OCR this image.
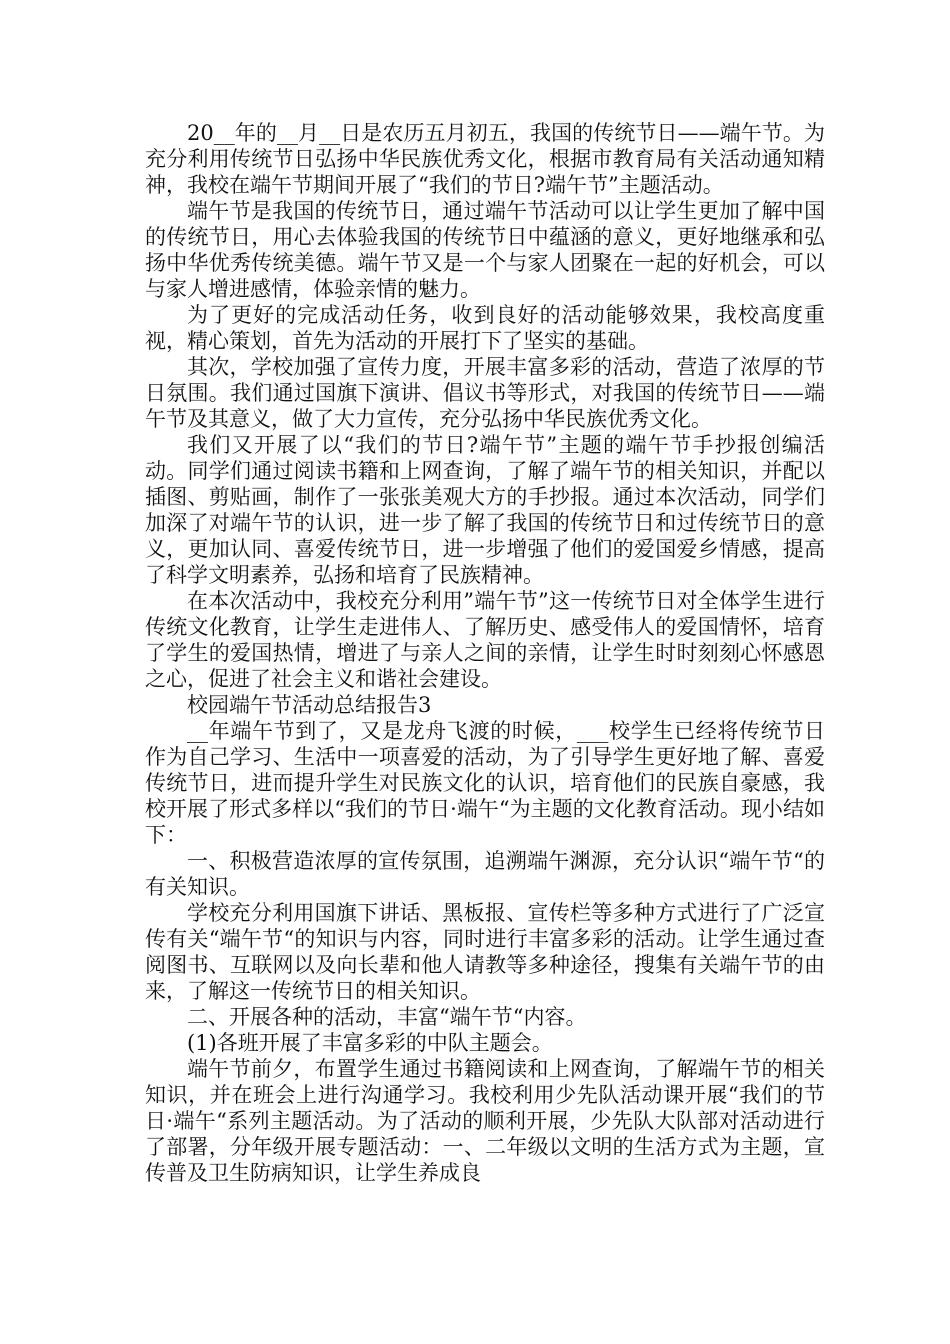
20__年的__月__日是农历五月初五，我国的传统节日——端午节。为充分利用传统节日弘扬中华民族优秀文化，根据市教育局有关活动通知精神，我校在端午节期间开展了“我们的节日?端午节”主题活动。

端午节是我国的传统节日，通过端午节活动可以让学生更加了解中国的传统节日，用心去体验我国的传统节日中蕴涵的意义，更好地继承和弘扬中华优秀传统美德。端午节又是一个与家人团聚在一起的好机会，可以与家人增进感情，体验亲情的魅力。

为了更好的完成活动任务，收到良好的活动能够效果，我校高度重视，精心策划，首先为活动的开展打下了坚实的基础。

其次，学校加强了宣传力度，开展丰富多彩的活动，营造了浓厚的节日氛围。我们通过国旗下演讲、倡议书等形式，对我国的传统节日——端午节及其意义，做了大力宣传，充分弘扬中华民族优秀文化。

我们又开展了以“我们的节日?端午节”主题的端午节手抄报创编活动。同学们通过阅读书籍和上网查询，了解了端午节的相关知识，并配以插图、剪贴画，制作了一张张美观大方的手抄报。通过本次活动，同学们加深了对端午节的认识，进一步了解了我国的传统节日和过传统节日的意义，更加认同、喜爱传统节日，进一步增强了他们的爱国爱乡情感，提高了科学文明素养，弘扬和培育了民族精神。

在本次活动中，我校充分利用”端午节”这一传统节日对全体学生进行传统文化教育，让学生走进伟人、了解历史、感受伟人的爱国情怀，培育了学生的爱国热情，增进了与亲人之间的亲情，让学生时时刻刻心怀感恩之心，促进了社会主义和谐社会建设。

校园端午节活动总结报告3

__年端午节到了，又是龙舟飞渡的时候，___校学生已经将传统节日作为自己学习、生活中一项喜爱的活动，为了引导学生更好地了解、喜爱传统节日，进而提升学生对民族文化的认识，培育他们的民族自豪感，我校开展了形式多样以“我们的节日·端午“为主题的文化教育活动。现小结如下：

一、积极营造浓厚的宣传氛围，追溯端午渊源，充分认识“端午节“的有关知识。

学校充分利用国旗下讲话、黑板报、宣传栏等多种方式进行了广泛宣传有关“端午节“的知识与内容，同时进行丰富多彩的活动。让学生通过查阅图书、互联网以及向长辈和他人请教等多种途径，搜集有关端午节的由来，了解这一传统节日的相关知识。

二、开展各种的活动，丰富“端午节“内容。

(1)各班开展了丰富多彩的中队主题会。

端午节前夕，布置学生通过书籍阅读和上网查询，了解端午节的相关知识，并在班会上进行沟通学习。我校利用少先队活动课开展“我们的节日·端午“系列主题活动。为了活动的顺利开展，少先队大队部对活动进行了部署，分年级开展专题活动：一、二年级以文明的生活方式为主题，宣传普及卫生防病知识，让学生养成良
